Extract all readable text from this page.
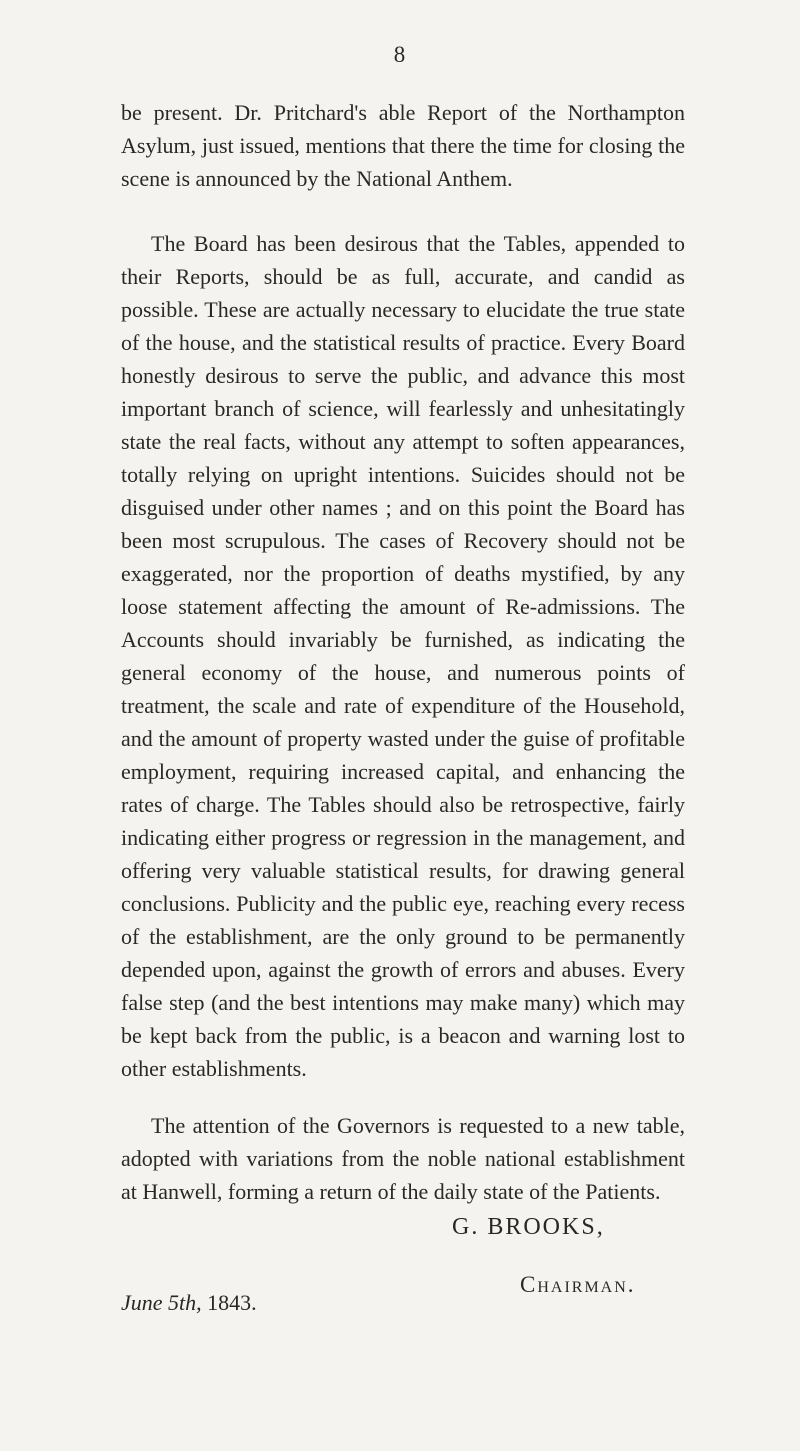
8

be present. Dr. Pritchard's able Report of the Northampton Asylum, just issued, mentions that there the time for closing the scene is announced by the National Anthem.

The Board has been desirous that the Tables, appended to their Reports, should be as full, accurate, and candid as possible. These are actually necessary to elucidate the true state of the house, and the statistical results of practice. Every Board honestly desirous to serve the public, and advance this most important branch of science, will fearlessly and unhesitatingly state the real facts, without any attempt to soften appearances, totally relying on upright intentions. Suicides should not be disguised under other names ; and on this point the Board has been most scrupulous. The cases of Recovery should not be exaggerated, nor the proportion of deaths mystified, by any loose statement affecting the amount of Re-admissions. The Accounts should invariably be furnished, as indicating the general economy of the house, and numerous points of treatment, the scale and rate of expenditure of the Household, and the amount of property wasted under the guise of profitable employment, requiring increased capital, and enhancing the rates of charge. The Tables should also be retrospective, fairly indicating either progress or regression in the management, and offering very valuable statistical results, for drawing general conclusions. Publicity and the public eye, reaching every recess of the establishment, are the only ground to be permanently depended upon, against the growth of errors and abuses. Every false step (and the best intentions may make many) which may be kept back from the public, is a beacon and warning lost to other establishments.

The attention of the Governors is requested to a new table, adopted with variations from the noble national establishment at Hanwell, forming a return of the daily state of the Patients.

G. BROOKS,
Chairman.
June 5th, 1843.
